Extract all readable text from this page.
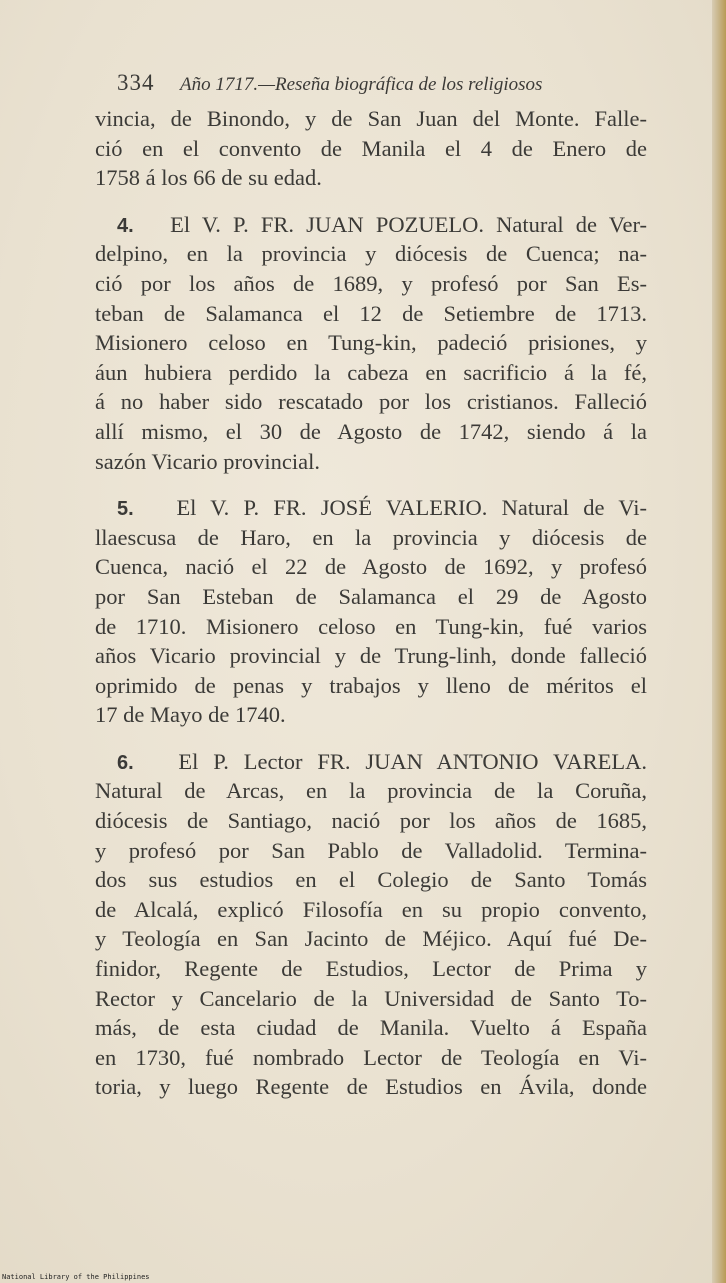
334 Año 1717.—Reseña biográfica de los religiosos
vincia, de Binondo, y de San Juan del Monte. Falle-
ció en el convento de Manila el 4 de Enero de
1758 á los 66 de su edad.
4. El V. P. FR. JUAN POZUELO. Natural de Ver-
delpino, en la provincia y diócesis de Cuenca; na-
ció por los años de 1689, y profesó por San Es-
teban de Salamanca el 12 de Setiembre de 1713.
Misionero celoso en Tung-kin, padeció prisiones, y
áun hubiera perdido la cabeza en sacrificio á la fé,
á no haber sido rescatado por los cristianos. Falleció
allí mismo, el 30 de Agosto de 1742, siendo á la
sazón Vicario provincial.
5. El V. P. FR. JOSÉ VALERIO. Natural de Vi-
llaescusa de Haro, en la provincia y diócesis de
Cuenca, nació el 22 de Agosto de 1692, y profesó
por San Esteban de Salamanca el 29 de Agosto
de 1710. Misionero celoso en Tung-kin, fué varios
años Vicario provincial y de Trung-linh, donde falleció
oprimido de penas y trabajos y lleno de méritos el
17 de Mayo de 1740.
6. El P. Lector FR. JUAN ANTONIO VARELA.
Natural de Arcas, en la provincia de la Coruña,
diócesis de Santiago, nació por los años de 1685,
y profesó por San Pablo de Valladolid. Termina-
dos sus estudios en el Colegio de Santo Tomás
de Alcalá, explicó Filosofía en su propio convento,
y Teología en San Jacinto de Méjico. Aquí fué De-
finidor, Regente de Estudios, Lector de Prima y
Rector y Cancelario de la Universidad de Santo To-
más, de esta ciudad de Manila. Vuelto á España
en 1730, fué nombrado Lector de Teología en Vi-
toria, y luego Regente de Estudios en Ávila, donde
National Library of the Philippines
